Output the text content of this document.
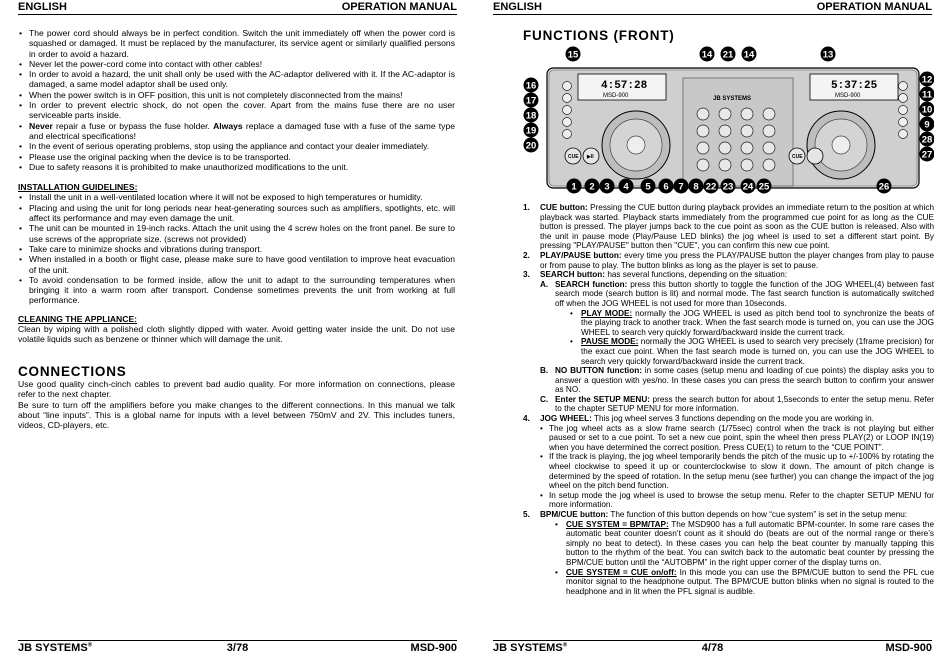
ENGLISH	OPERATION MANUAL
• The power cord should always be in perfect condition. Switch the unit immediately off when the power cord is squashed or damaged. It must be replaced by the manufacturer, its service agent or similarly qualified persons in order to avoid a hazard.
• Never let the power-cord come into contact with other cables!
• In order to avoid a hazard, the unit shall only be used with the AC-adaptor delivered with it. If the AC-adaptor is damaged, a same model adaptor shall be used only.
• When the power switch is in OFF position, this unit is not completely disconnected from the mains!
• In order to prevent electric shock, do not open the cover. Apart from the mains fuse there are no user serviceable parts inside.
• Never repair a fuse or bypass the fuse holder. Always replace a damaged fuse with a fuse of the same type and electrical specifications!
• In the event of serious operating problems, stop using the appliance and contact your dealer immediately.
• Please use the original packing when the device is to be transported.
• Due to safety reasons it is prohibited to make unauthorized modifications to the unit.
INSTALLATION GUIDELINES:
• Install the unit in a well-ventilated location where it will not be exposed to high temperatures or humidity.
• Placing and using the unit for long periods near heat-generating sources such as amplifiers, spotlights, etc. will affect its performance and may even damage the unit.
• The unit can be mounted in 19-inch racks. Attach the unit using the 4 screw holes on the front panel. Be sure to use screws of the appropriate size. (screws not provided)
• Take care to minimize shocks and vibrations during transport.
• When installed in a booth or flight case, please make sure to have good ventilation to improve heat evacuation of the unit.
• To avoid condensation to be formed inside, allow the unit to adapt to the surrounding temperatures when bringing it into a warm room after transport. Condense sometimes prevents the unit from working at full performance.
CLEANING THE APPLIANCE:
Clean by wiping with a polished cloth slightly dipped with water. Avoid getting water inside the unit. Do not use volatile liquids such as benzene or thinner which will damage the unit.
CONNECTIONS
Use good quality cinch-cinch cables to prevent bad audio quality. For more information on connections, please refer to the next chapter.
Be sure to turn off the amplifiers before you make changes to the different connections. In this manual we talk about “line inputs”. This is a global name for inputs with a level between 750mV and 2V. This includes tuners, videos, CD-players, etc.
JB SYSTEMS®	3/78	MSD-900
ENGLISH	OPERATION MANUAL
JB SYSTEMS®	4/78	MSD-900
FUNCTIONS (FRONT)
4:57:28
MSD-900
5:37:25
MSD-900
JB SYSTEMS
CUE ▶II	CUE
15	14 21 14	13
16
17
18
19
20
12
11
10
9
28
27
1 2 3 4 5 6 7 8 22 23 24 25	26
1. CUE button: Pressing the CUE button during playback provides an immediate return to the position at which playback was started. Playback starts immediately from the programmed cue point for as long as the CUE button is pressed. The player jumps back to the cue point as soon as the CUE button is released. Also with the unit in pause mode (Play/Pause LED blinks) the jog wheel is used to set a different start point. By pressing "PLAY/PAUSE" button then "CUE", you can confirm this new cue point.
2. PLAY/PAUSE button: every time you press the PLAY/PAUSE button the player changes from play to pause or from pause to play. The button blinks as long as the player is set to pause.
3. SEARCH button: has several functions, depending on the situation:
A. SEARCH function: press this button shortly to toggle the function of the JOG WHEEL(4) between fast search mode (search button is lit) and normal mode. The fast search function is automatically switched off when the JOG WHEEL is not used for more than 10seconds.
• PLAY MODE: normally the JOG WHEEL is used as pitch bend tool to synchronize the beats of the playing track to another track. When the fast search mode is turned on, you can use the JOG WHEEL to search very quickly forward/backward inside the current track.
• PAUSE MODE: normally the JOG WHEEL is used to search very precisely (1frame precision) for the exact cue point. When the fast search mode is turned on, you can use the JOG WHEEL to search very quickly forward/backward inside the current track.
B. NO BUTTON function: in some cases (setup menu and loading of cue points) the display asks you to answer a question with yes/no. In these cases you can press the search button to confirm your answer as NO.
C. Enter the SETUP MENU: press the search button for about 1,5seconds to enter the setup menu. Refer to the chapter SETUP MENU for more information.
4. JOG WHEEL: This jog wheel serves 3 functions depending on the mode you are working in.
• The jog wheel acts as a slow frame search (1/75sec) control when the track is not playing but either paused or set to a cue point. To set a new cue point, spin the wheel then press PLAY(2) or LOOP IN(19) when you have determined the correct position. Press CUE(1) to return to the “CUE POINT”.
• If the track is playing, the jog wheel temporarily bends the pitch of the music up to +/-100% by rotating the wheel clockwise to speed it up or counterclockwise to slow it down. The amount of pitch change is determined by the speed of rotation. In the setup menu (see further) you can change the impact of the jog wheel on the pitch bend function.
• In setup mode the jog wheel is used to browse the setup menu. Refer to the chapter SETUP MENU for more information.
5. BPM/CUE button: The function of this button depends on how “cue system” is set in the setup menu:
• CUE SYSTEM = BPM/TAP: The MSD900 has a full automatic BPM-counter. In some rare cases the automatic beat counter doesn’t count as it should do (beats are out of the normal range or there’s simply no beat to detect). In these cases you can help the beat counter by manually tapping this button to the rhythm of the beat. You can switch back to the automatic beat counter by pressing the BPM/CUE button until the “AUTOBPM” in the right upper corner of the display turns on.
• CUE SYSTEM = CUE on/off: In this mode you can use the BPM/CUE button to send the PFL cue monitor signal to the headphone output. The BPM/CUE button blinks when no signal is routed to the headphone and in lit when the PFL signal is audible.
